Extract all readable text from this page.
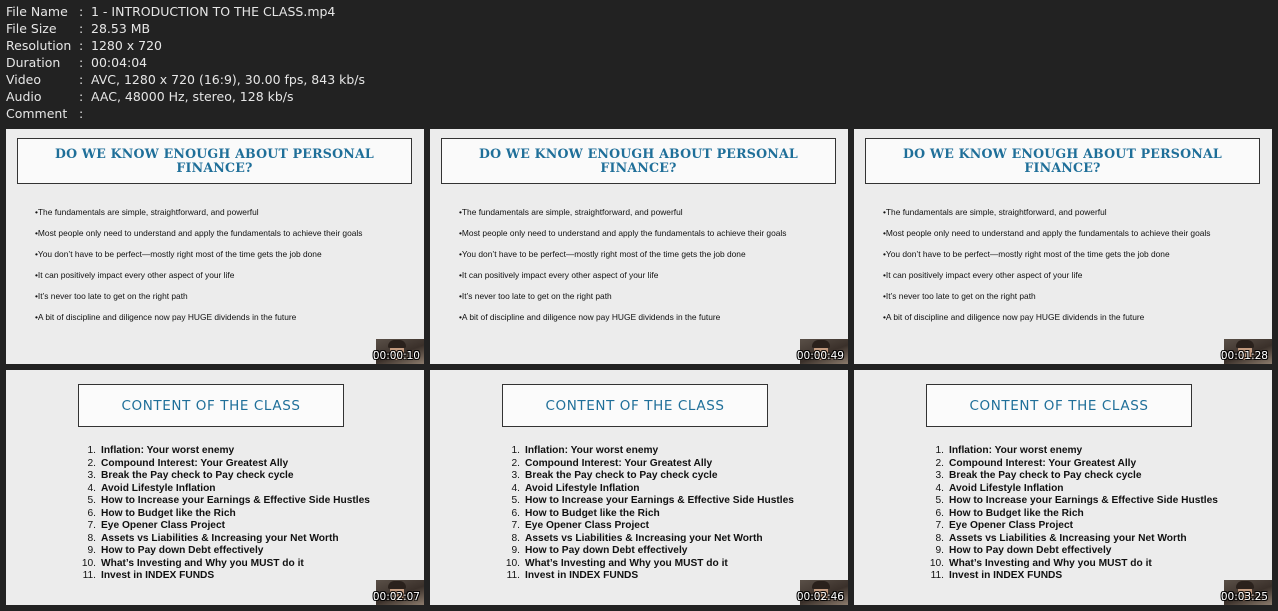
File Name : 1 - INTRODUCTION TO THE CLASS.mp4
File Size	: 28.53 MB
Resolution : 1280 x 720
Duration	: 00:04:04
Video	: AVC, 1280 x 720 (16:9), 30.00 fps, 843 kb/s
Audio	: AAC, 48000 Hz, stereo, 128 kb/s
Comment :
DO WE KNOW ENOUGH ABOUT PERSONAL FINANCE?
•The fundamentals are simple, straightforward, and powerful
•Most people only need to understand and apply the fundamentals to achieve their goals
•You don’t have to be perfect—mostly right most of the time gets the job done
•It can positively impact every other aspect of your life
•It’s never too late to get on the right path
•A bit of discipline and diligence now pay HUGE dividends in the future
00:00:10
DO WE KNOW ENOUGH ABOUT PERSONAL FINANCE?
•The fundamentals are simple, straightforward, and powerful
•Most people only need to understand and apply the fundamentals to achieve their goals
•You don’t have to be perfect—mostly right most of the time gets the job done
•It can positively impact every other aspect of your life
•It’s never too late to get on the right path
•A bit of discipline and diligence now pay HUGE dividends in the future
00:00:49
DO WE KNOW ENOUGH ABOUT PERSONAL FINANCE?
•The fundamentals are simple, straightforward, and powerful
•Most people only need to understand and apply the fundamentals to achieve their goals
•You don’t have to be perfect—mostly right most of the time gets the job done
•It can positively impact every other aspect of your life
•It’s never too late to get on the right path
•A bit of discipline and diligence now pay HUGE dividends in the future
00:01:28
CONTENT OF THE CLASS
1. Inflation: Your worst enemy
2. Compound Interest: Your Greatest Ally
3. Break the Pay check to Pay check cycle
4. Avoid Lifestyle Inflation
5. How to Increase your Earnings & Effective Side Hustles
6. How to Budget like the Rich
7. Eye Opener Class Project
8. Assets vs Liabilities & Increasing your Net Worth
9. How to Pay down Debt effectively
10. What’s Investing and Why you MUST do it
11. Invest in INDEX FUNDS
00:02:07
CONTENT OF THE CLASS
1. Inflation: Your worst enemy
2. Compound Interest: Your Greatest Ally
3. Break the Pay check to Pay check cycle
4. Avoid Lifestyle Inflation
5. How to Increase your Earnings & Effective Side Hustles
6. How to Budget like the Rich
7. Eye Opener Class Project
8. Assets vs Liabilities & Increasing your Net Worth
9. How to Pay down Debt effectively
10. What’s Investing and Why you MUST do it
11. Invest in INDEX FUNDS
00:02:46
CONTENT OF THE CLASS
1. Inflation: Your worst enemy
2. Compound Interest: Your Greatest Ally
3. Break the Pay check to Pay check cycle
4. Avoid Lifestyle Inflation
5. How to Increase your Earnings & Effective Side Hustles
6. How to Budget like the Rich
7. Eye Opener Class Project
8. Assets vs Liabilities & Increasing your Net Worth
9. How to Pay down Debt effectively
10. What’s Investing and Why you MUST do it
11. Invest in INDEX FUNDS
00:03:25
